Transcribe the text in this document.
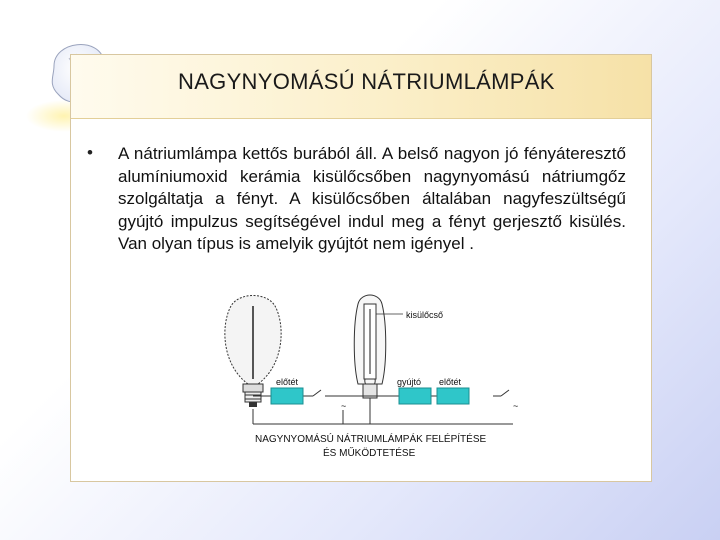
NAGYNYOMÁSÚ NÁTRIUMLÁMPÁK
• A nátriumlámpa kettős burából áll. A belső nagyon jó fényáteresztő alumíniumoxid kerámia kisülőcsőben nagynyomású nátriumgőz szolgáltatja a fényt. A kisülőcsőben általában nagyfeszültségű gyújtó impulzus segítségével indul meg a fényt gerjesztő kisülés. Van olyan típus is amelyik gyújtót nem igényel .
kisülőcső
előtét	gyújtó előtét
~
~
NAGYNYOMÁSÚ NÁTRIUMLÁMPÁK FELÉPÍTÉSE
ÉS MŰKÖDTETÉSE
